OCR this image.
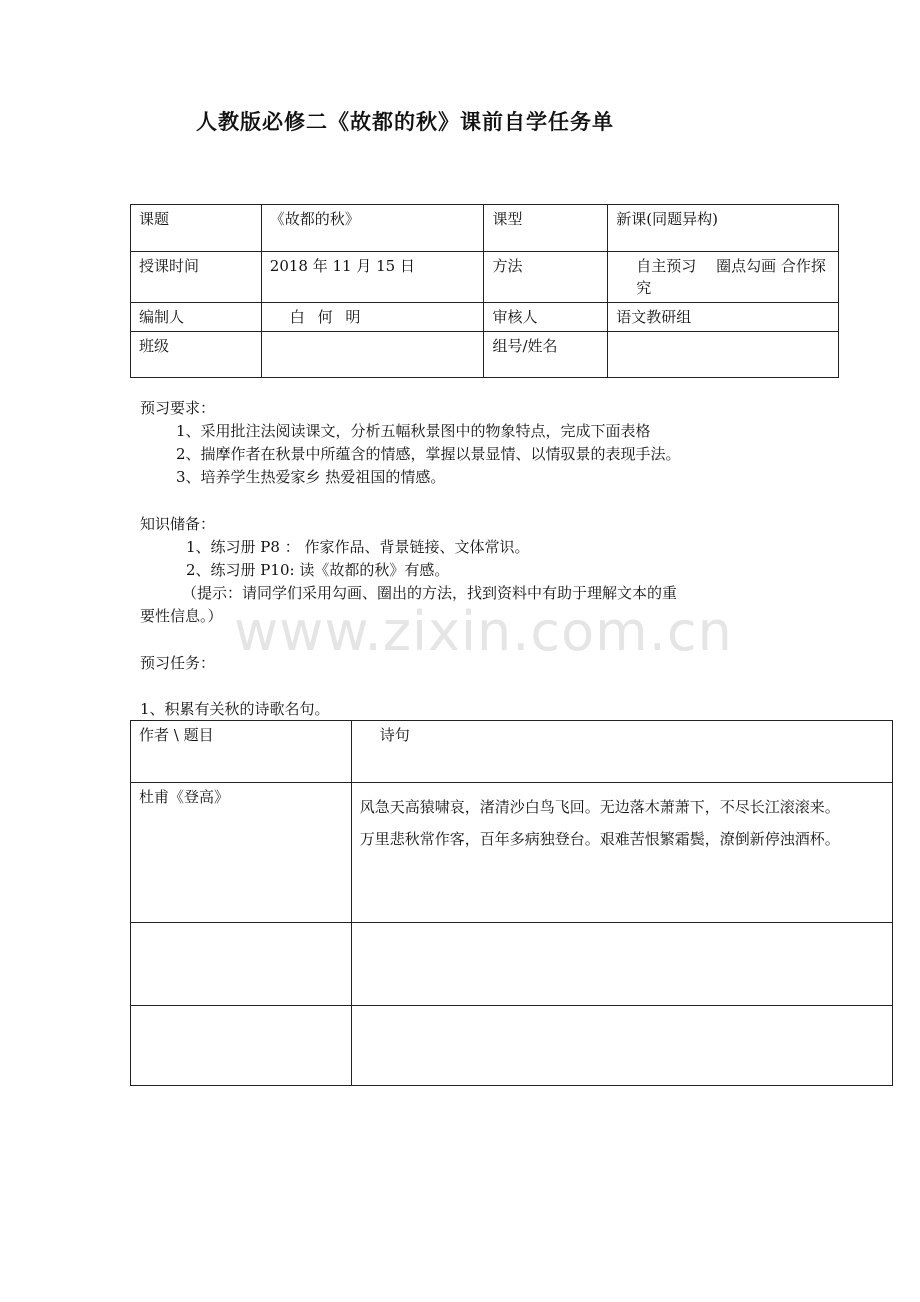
人教版必修二《故都的秋》课前自学任务单
课题	《故都的秋》	课型	新课(同题异构)
授课时间	2018 年 11 月 15 日	方法	自主预习　 圈点勾画 合作探究
编制人	白 何 明	审核人	语文教研组
班级		组号/姓名	
预习要求：
1、采用批注法阅读课文，分析五幅秋景图中的物象特点，完成下面表格
2、揣摩作者在秋景中所蕴含的情感，掌握以景显情、以情驭景的表现手法。
3、培养学生热爱家乡 热爱祖国的情感。
知识储备：
1、练习册 P8 ： 作家作品、背景链接、文体常识。
2、练习册 P10: 读《故都的秋》有感。
（提示：请同学们采用勾画、圈出的方法，找到资料中有助于理解文本的重
要性信息。） www.zixin.com.cn
预习任务：
1、积累有关秋的诗歌名句。
作者 \ 题目	诗句
杜甫《登高》	风急天高猿啸哀，渚清沙白鸟飞回。无边落木萧萧下，不尽长江滚滚来。
万里悲秋常作客，百年多病独登台。艰难苦恨繁霜鬓，潦倒新停浊酒杯。
